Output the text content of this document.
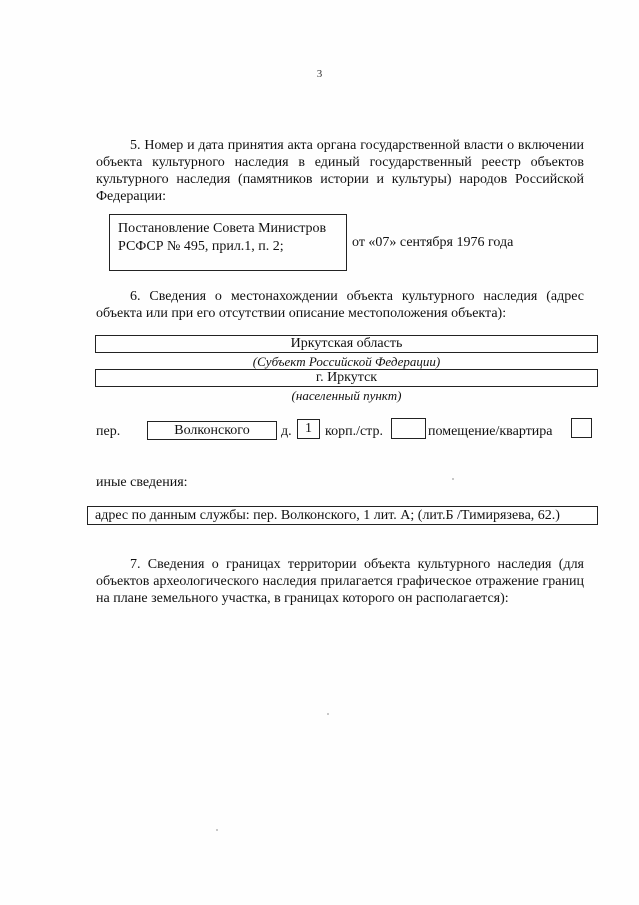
3

5. Номер и дата принятия акта органа государственной власти о включении объекта культурного наследия в единый государственный реестр объектов культурного наследия (памятников истории и культуры) народов Российской Федерации:

Постановление Совета Министров
РСФСР № 495, прил.1, п. 2;	от «07» сентября 1976 года

6. Сведения о местонахождении объекта культурного наследия (адрес объекта или при его отсутствии описание местоположения объекта):

Иркутская область
(Субъект Российской Федерации)
г. Иркутск
(населенный пункт)
пер.	Волконского	д. 1 корп./стр.	помещение/квартира
иные сведения:
адрес по данным службы: пер. Волконского, 1 лит. А; (лит.Б /Тимирязева, 62.)

7. Сведения о границах территории объекта культурного наследия (для объектов археологического наследия прилагается графическое отражение границ на плане земельного участка, в границах которого он располагается):
